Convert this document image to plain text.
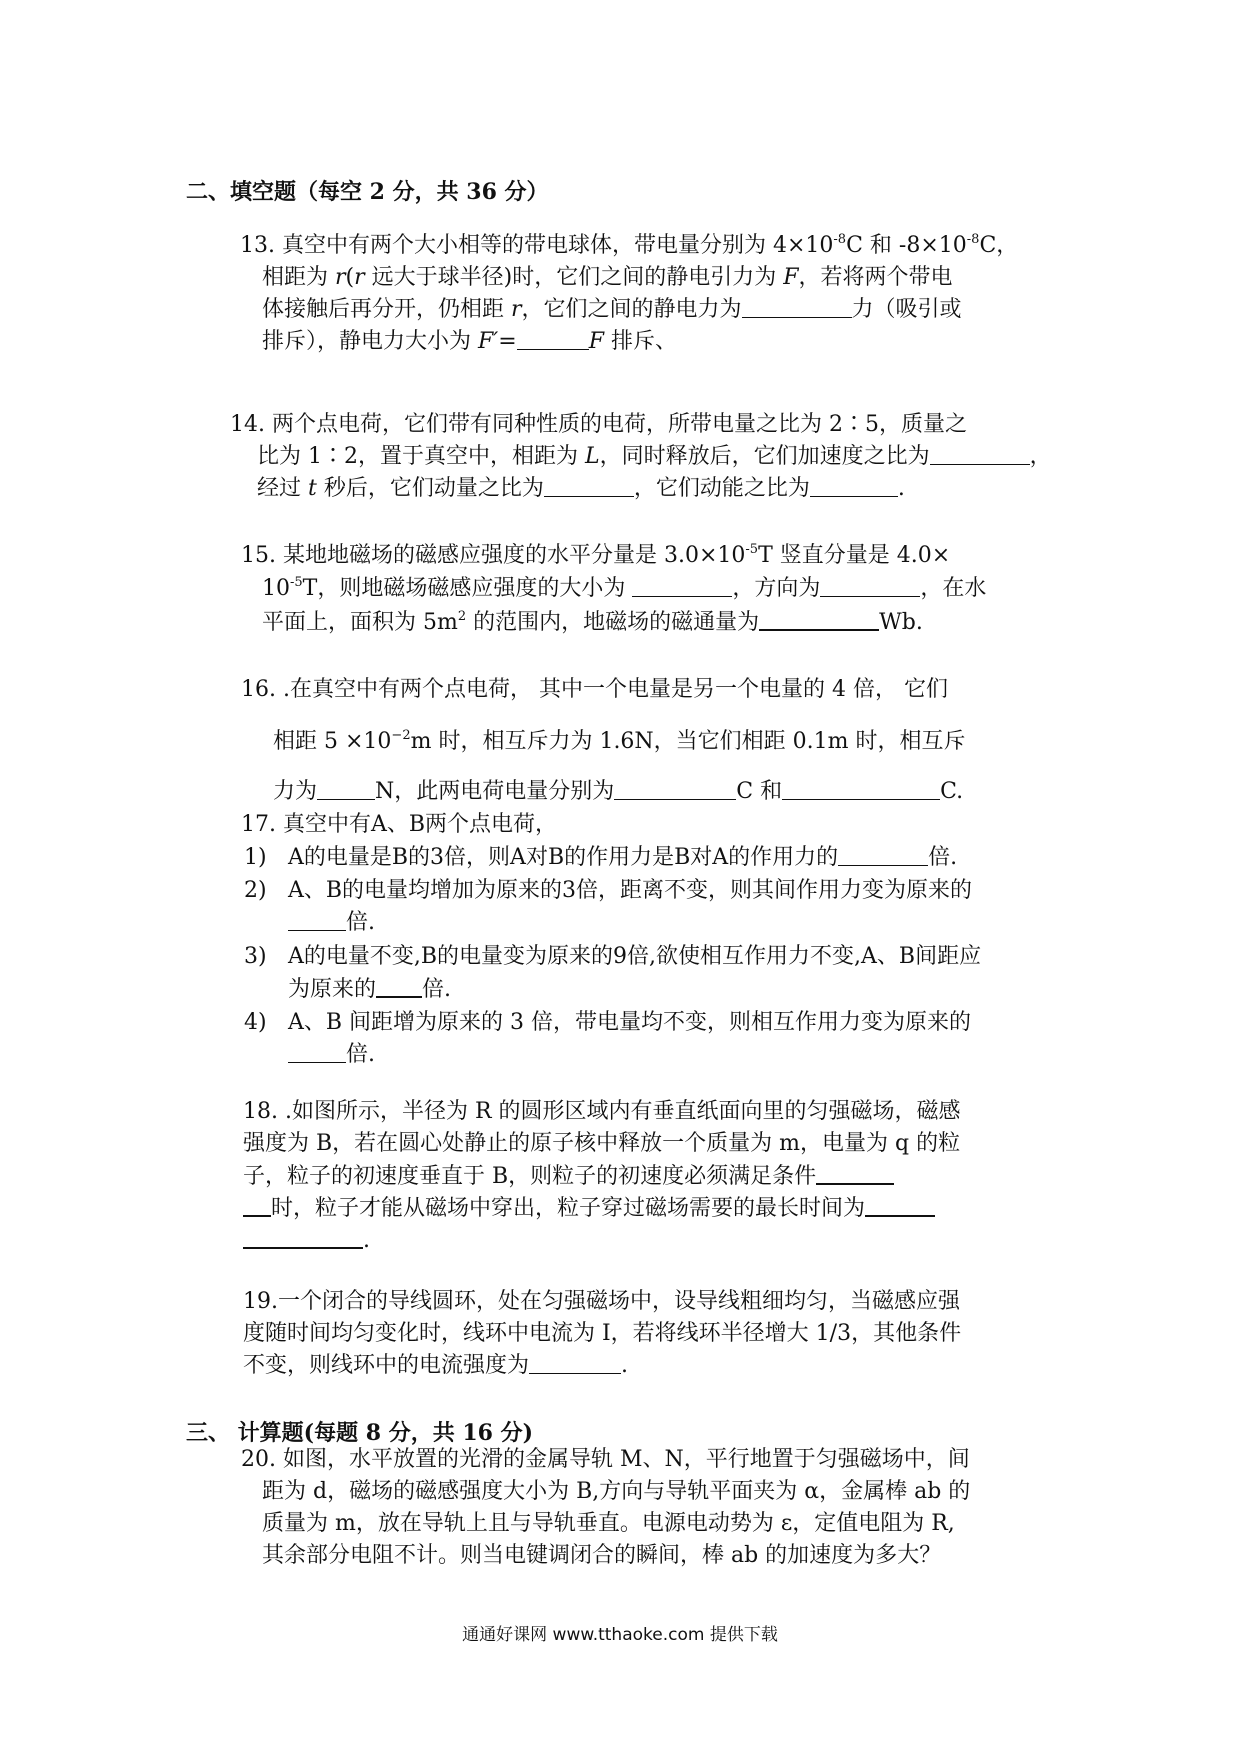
二、填空题（每空 2 分，共 36 分）
13. 真空中有两个大小相等的带电球体，带电量分别为 $4\times 10^{-8}C$ 和 $-8\times 10^{-8}C$，
相距为 r(r 远大于球半径)时，它们之间的静电引力为 F，若将两个带电
体接触后再分开，仍相距 r，它们之间的静电力为	力（吸引或
排斥），静电力大小为 F′=	F 排斥、
14. 两个点电荷，它们带有同种性质的电荷，所带电量之比为 2∶5，质量之
比为 1∶2，置于真空中，相距为 L，同时释放后，它们加速度之比为	，
经过 t 秒后，它们动量之比为	，它们动能之比为	.
15. 某地地磁场的磁感应强度的水平分量是 $3.0\times 10^{-5}T$ 竖直分量是 4.0×
$10^{-5}T$，则地磁场磁感应强度的大小为	，方向为	，在水
平面上，面积为 $5m^2$ 的范围内，地磁场的磁通量为	Wb.
16. .在真空中有两个点电荷， 其中一个电量是另一个电量的 4 倍， 它们
相距 $5 \times 10^{-2}m$ 时，相互斥力为 1.6N，当它们相距 0.1m 时，相互斥
力为	N，此两电荷电量分别为	C 和	C.
17. 真空中有A、B两个点电荷，
1) A的电量是B的3倍，则A对B的作用力是B对A的作用力的	倍.
2) A、B的电量均增加为原来的3倍，距离不变，则其间作用力变为原来的
倍.
3) A的电量不变,B的电量变为原来的9倍,欲使相互作用力不变,A、B间距应
为原来的 倍.
4) A、B 间距增为原来的 3 倍，带电量均不变，则相互作用力变为原来的
倍.
18. .如图所示，半径为 R 的圆形区域内有垂直纸面向里的匀强磁场，磁感
强度为 B，若在圆心处静止的原子核中释放一个质量为 m，电量为 q 的粒
子，粒子的初速度垂直于 B，则粒子的初速度必须满足条件
时，粒子才能从磁场中穿出，粒子穿过磁场需要的最长时间为
.
19.一个闭合的导线圆环，处在匀强磁场中，设导线粗细均匀，当磁感应强
度随时间均匀变化时，线环中电流为 I，若将线环半径增大 1/3，其他条件
不变，则线环中的电流强度为	.
三、 计算题(每题 8 分，共 16 分)
20. 如图，水平放置的光滑的金属导轨 M、N，平行地置于匀强磁场中，间
距为 d，磁场的磁感强度大小为 B,方向与导轨平面夹为 α，金属棒 ab 的
质量为 m，放在导轨上且与导轨垂直。电源电动势为 ε，定值电阻为 R,
其余部分电阻不计。则当电键调闭合的瞬间，棒 ab 的加速度为多大？
通通好课网 www.tthaoke.com 提供下载
